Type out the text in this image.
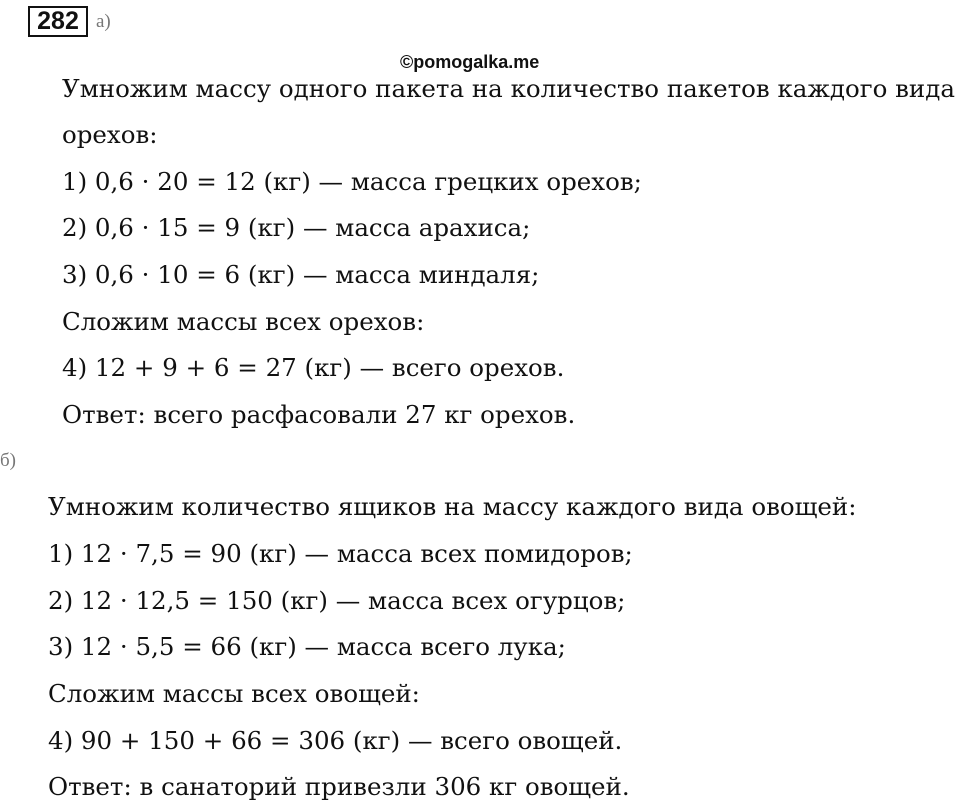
282 а)
©pomogalka.me
Умножим массу одного пакета на количество пакетов каждого вида
орехов:
1) 0,6 · 20 = 12 (кг) — масса грецких орехов;
2) 0,6 · 15 = 9 (кг) — масса арахиса;
3) 0,6 · 10 = 6 (кг) — масса миндаля;
Сложим массы всех орехов:
4) 12 + 9 + 6 = 27 (кг) — всего орехов.
Ответ: всего расфасовали 27 кг орехов.
б)
Умножим количество ящиков на массу каждого вида овощей:
1) 12 · 7,5 = 90 (кг) — масса всех помидоров;
2) 12 · 12,5 = 150 (кг) — масса всех огурцов;
3) 12 · 5,5 = 66 (кг) — масса всего лука;
Сложим массы всех овощей:
4) 90 + 150 + 66 = 306 (кг) — всего овощей.
Ответ: в санаторий привезли 306 кг овощей.
